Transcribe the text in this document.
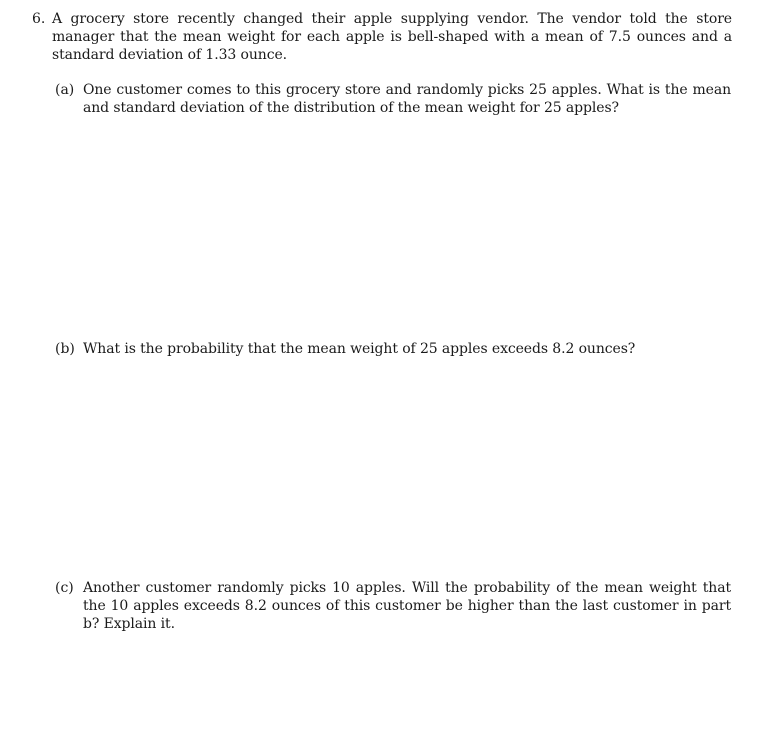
6. A grocery store recently changed their apple supplying vendor. The vendor told the store manager that the mean weight for each apple is bell-shaped with a mean of 7.5 ounces and a standard deviation of 1.33 ounce.
(a) One customer comes to this grocery store and randomly picks 25 apples. What is the mean and standard deviation of the distribution of the mean weight for 25 apples?
(b) What is the probability that the mean weight of 25 apples exceeds 8.2 ounces?
(c) Another customer randomly picks 10 apples. Will the probability of the mean weight that the 10 apples exceeds 8.2 ounces of this customer be higher than the last customer in part b? Explain it.
